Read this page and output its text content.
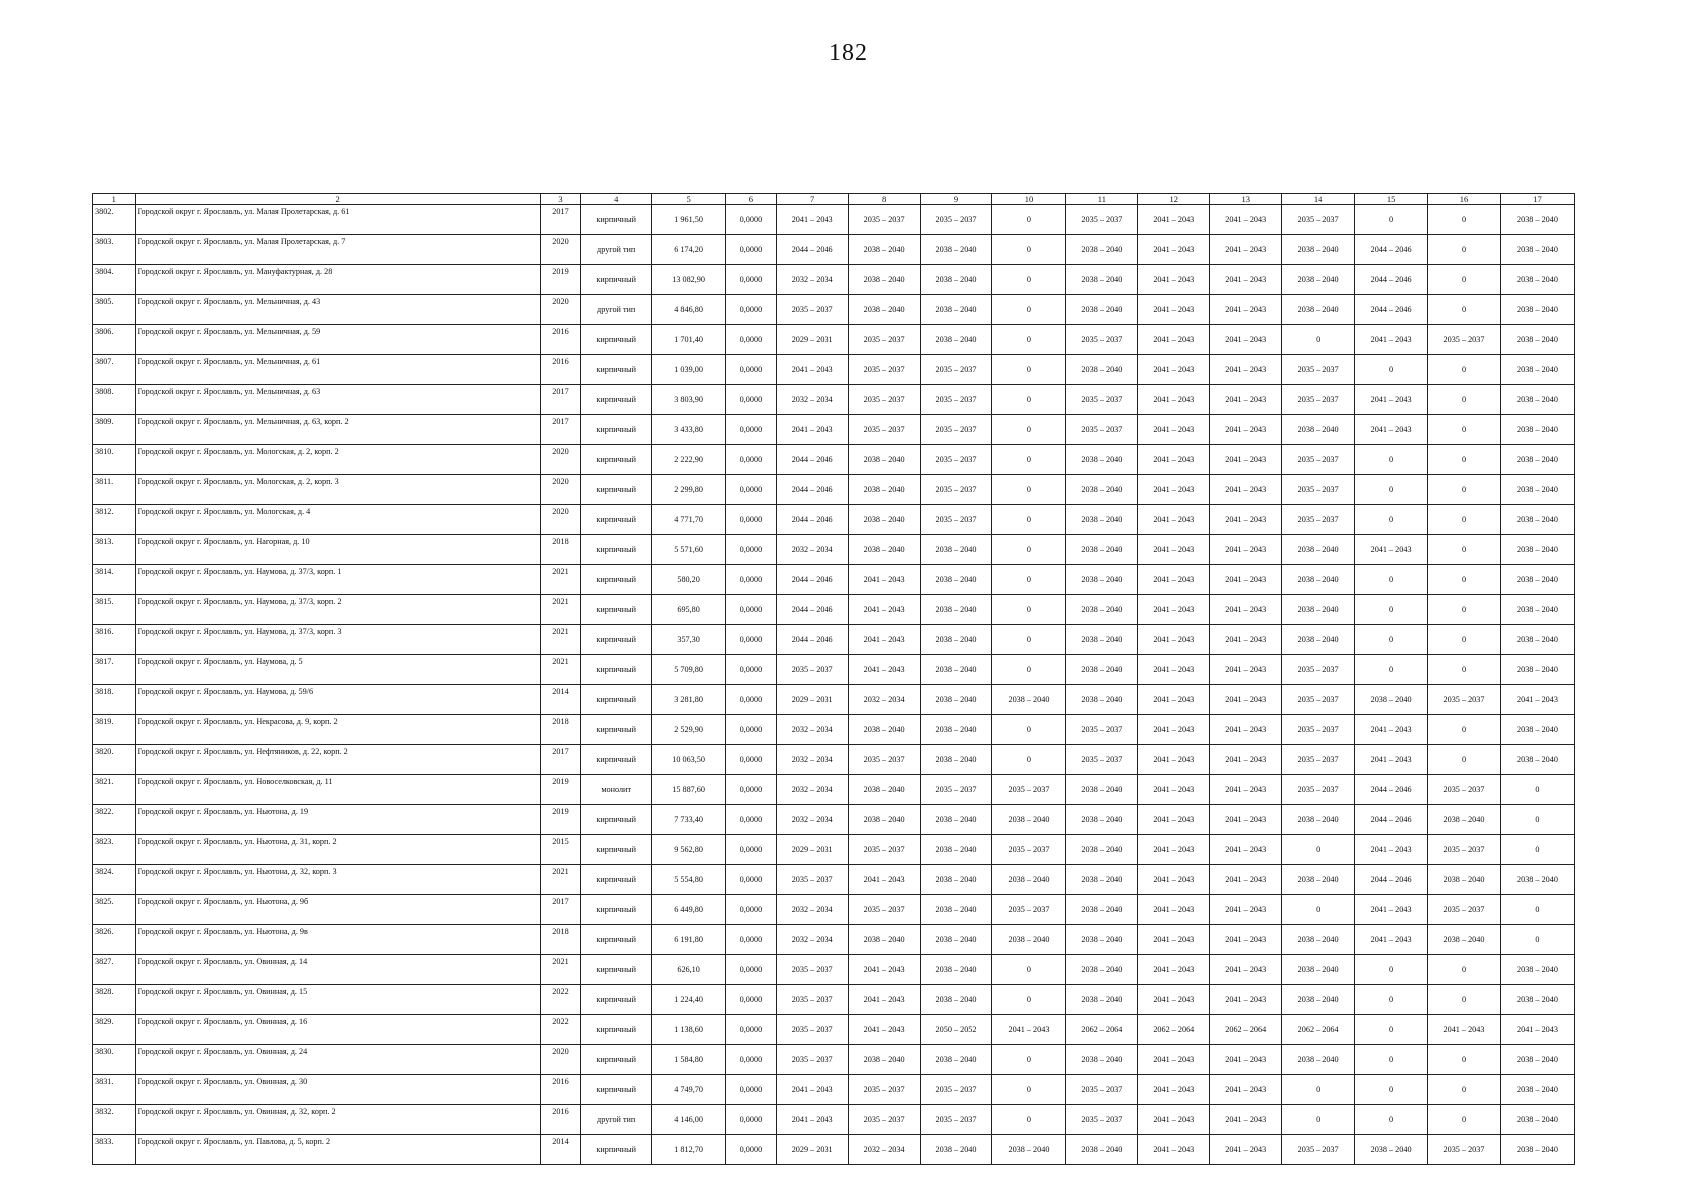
182
1	2	3	4	5	6	7	8	9	10	11	12	13	14	15	16	17
3802.	Городской округ г. Ярославль, ул. Малая Пролетарская, д. 61	2017	кирпичный	1 961,50	0,0000	2041 – 2043	2035 – 2037	2035 – 2037	0	2035 – 2037	2041 – 2043	2041 – 2043	2035 – 2037	0	0	2038 – 2040
3803.	Городской округ г. Ярославль, ул. Малая Пролетарская, д. 7	2020	другой тип	6 174,20	0,0000	2044 – 2046	2038 – 2040	2038 – 2040	0	2038 – 2040	2041 – 2043	2041 – 2043	2038 – 2040	2044 – 2046	0	2038 – 2040
3804.	Городской округ г. Ярославль, ул. Мануфактурная, д. 28	2019	кирпичный	13 082,90	0,0000	2032 – 2034	2038 – 2040	2038 – 2040	0	2038 – 2040	2041 – 2043	2041 – 2043	2038 – 2040	2044 – 2046	0	2038 – 2040
3805.	Городской округ г. Ярославль, ул. Мельничная, д. 43	2020	другой тип	4 846,80	0,0000	2035 – 2037	2038 – 2040	2038 – 2040	0	2038 – 2040	2041 – 2043	2041 – 2043	2038 – 2040	2044 – 2046	0	2038 – 2040
3806.	Городской округ г. Ярославль, ул. Мельничная, д. 59	2016	кирпичный	1 701,40	0,0000	2029 – 2031	2035 – 2037	2038 – 2040	0	2035 – 2037	2041 – 2043	2041 – 2043	0	2041 – 2043	2035 – 2037	2038 – 2040
3807.	Городской округ г. Ярославль, ул. Мельничная, д. 61	2016	кирпичный	1 039,00	0,0000	2041 – 2043	2035 – 2037	2035 – 2037	0	2038 – 2040	2041 – 2043	2041 – 2043	2035 – 2037	0	0	2038 – 2040
3808.	Городской округ г. Ярославль, ул. Мельничная, д. 63	2017	кирпичный	3 803,90	0,0000	2032 – 2034	2035 – 2037	2035 – 2037	0	2035 – 2037	2041 – 2043	2041 – 2043	2035 – 2037	2041 – 2043	0	2038 – 2040
3809.	Городской округ г. Ярославль, ул. Мельничная, д. 63, корп. 2	2017	кирпичный	3 433,80	0,0000	2041 – 2043	2035 – 2037	2035 – 2037	0	2035 – 2037	2041 – 2043	2041 – 2043	2038 – 2040	2041 – 2043	0	2038 – 2040
3810.	Городской округ г. Ярославль, ул. Мологская, д. 2, корп. 2	2020	кирпичный	2 222,90	0,0000	2044 – 2046	2038 – 2040	2035 – 2037	0	2038 – 2040	2041 – 2043	2041 – 2043	2035 – 2037	0	0	2038 – 2040
3811.	Городской округ г. Ярославль, ул. Мологская, д. 2, корп. 3	2020	кирпичный	2 299,80	0,0000	2044 – 2046	2038 – 2040	2035 – 2037	0	2038 – 2040	2041 – 2043	2041 – 2043	2035 – 2037	0	0	2038 – 2040
3812.	Городской округ г. Ярославль, ул. Мологская, д. 4	2020	кирпичный	4 771,70	0,0000	2044 – 2046	2038 – 2040	2035 – 2037	0	2038 – 2040	2041 – 2043	2041 – 2043	2035 – 2037	0	0	2038 – 2040
3813.	Городской округ г. Ярославль, ул. Нагорная, д. 10	2018	кирпичный	5 571,60	0,0000	2032 – 2034	2038 – 2040	2038 – 2040	0	2038 – 2040	2041 – 2043	2041 – 2043	2038 – 2040	2041 – 2043	0	2038 – 2040
3814.	Городской округ г. Ярославль, ул. Наумова, д. 37/3, корп. 1	2021	кирпичный	580,20	0,0000	2044 – 2046	2041 – 2043	2038 – 2040	0	2038 – 2040	2041 – 2043	2041 – 2043	2038 – 2040	0	0	2038 – 2040
3815.	Городской округ г. Ярославль, ул. Наумова, д. 37/3, корп. 2	2021	кирпичный	695,80	0,0000	2044 – 2046	2041 – 2043	2038 – 2040	0	2038 – 2040	2041 – 2043	2041 – 2043	2038 – 2040	0	0	2038 – 2040
3816.	Городской округ г. Ярославль, ул. Наумова, д. 37/3, корп. 3	2021	кирпичный	357,30	0,0000	2044 – 2046	2041 – 2043	2038 – 2040	0	2038 – 2040	2041 – 2043	2041 – 2043	2038 – 2040	0	0	2038 – 2040
3817.	Городской округ г. Ярославль, ул. Наумова, д. 5	2021	кирпичный	5 709,80	0,0000	2035 – 2037	2041 – 2043	2038 – 2040	0	2038 – 2040	2041 – 2043	2041 – 2043	2035 – 2037	0	0	2038 – 2040
3818.	Городской округ г. Ярославль, ул. Наумова, д. 59/6	2014	кирпичный	3 281,80	0,0000	2029 – 2031	2032 – 2034	2038 – 2040	2038 – 2040	2038 – 2040	2041 – 2043	2041 – 2043	2035 – 2037	2038 – 2040	2035 – 2037	2041 – 2043
3819.	Городской округ г. Ярославль, ул. Некрасова, д. 9, корп. 2	2018	кирпичный	2 529,90	0,0000	2032 – 2034	2038 – 2040	2038 – 2040	0	2035 – 2037	2041 – 2043	2041 – 2043	2035 – 2037	2041 – 2043	0	2038 – 2040
3820.	Городской округ г. Ярославль, ул. Нефтяников, д. 22, корп. 2	2017	кирпичный	10 063,50	0,0000	2032 – 2034	2035 – 2037	2038 – 2040	0	2035 – 2037	2041 – 2043	2041 – 2043	2035 – 2037	2041 – 2043	0	2038 – 2040
3821.	Городской округ г. Ярославль, ул. Новоселковская, д. 11	2019	монолит	15 887,60	0,0000	2032 – 2034	2038 – 2040	2035 – 2037	2035 – 2037	2038 – 2040	2041 – 2043	2041 – 2043	2035 – 2037	2044 – 2046	2035 – 2037	0
3822.	Городской округ г. Ярославль, ул. Ньютона, д. 19	2019	кирпичный	7 733,40	0,0000	2032 – 2034	2038 – 2040	2038 – 2040	2038 – 2040	2038 – 2040	2041 – 2043	2041 – 2043	2038 – 2040	2044 – 2046	2038 – 2040	0
3823.	Городской округ г. Ярославль, ул. Ньютона, д. 31, корп. 2	2015	кирпичный	9 562,80	0,0000	2029 – 2031	2035 – 2037	2038 – 2040	2035 – 2037	2038 – 2040	2041 – 2043	2041 – 2043	0	2041 – 2043	2035 – 2037	0
3824.	Городской округ г. Ярославль, ул. Ньютона, д. 32, корп. 3	2021	кирпичный	5 554,80	0,0000	2035 – 2037	2041 – 2043	2038 – 2040	2038 – 2040	2038 – 2040	2041 – 2043	2041 – 2043	2038 – 2040	2044 – 2046	2038 – 2040	2038 – 2040
3825.	Городской округ г. Ярославль, ул. Ньютона, д. 9б	2017	кирпичный	6 449,80	0,0000	2032 – 2034	2035 – 2037	2038 – 2040	2035 – 2037	2038 – 2040	2041 – 2043	2041 – 2043	0	2041 – 2043	2035 – 2037	0
3826.	Городской округ г. Ярославль, ул. Ньютона, д. 9в	2018	кирпичный	6 191,80	0,0000	2032 – 2034	2038 – 2040	2038 – 2040	2038 – 2040	2038 – 2040	2041 – 2043	2041 – 2043	2038 – 2040	2041 – 2043	2038 – 2040	0
3827.	Городской округ г. Ярославль, ул. Овинная, д. 14	2021	кирпичный	626,10	0,0000	2035 – 2037	2041 – 2043	2038 – 2040	0	2038 – 2040	2041 – 2043	2041 – 2043	2038 – 2040	0	0	2038 – 2040
3828.	Городской округ г. Ярославль, ул. Овинная, д. 15	2022	кирпичный	1 224,40	0,0000	2035 – 2037	2041 – 2043	2038 – 2040	0	2038 – 2040	2041 – 2043	2041 – 2043	2038 – 2040	0	0	2038 – 2040
3829.	Городской округ г. Ярославль, ул. Овинная, д. 16	2022	кирпичный	1 138,60	0,0000	2035 – 2037	2041 – 2043	2050 – 2052	2041 – 2043	2062 – 2064	2062 – 2064	2062 – 2064	2062 – 2064	0	2041 – 2043	2041 – 2043
3830.	Городской округ г. Ярославль, ул. Овинная, д. 24	2020	кирпичный	1 584,80	0,0000	2035 – 2037	2038 – 2040	2038 – 2040	0	2038 – 2040	2041 – 2043	2041 – 2043	2038 – 2040	0	0	2038 – 2040
3831.	Городской округ г. Ярославль, ул. Овинная, д. 30	2016	кирпичный	4 749,70	0,0000	2041 – 2043	2035 – 2037	2035 – 2037	0	2035 – 2037	2041 – 2043	2041 – 2043	0	0	0	2038 – 2040
3832.	Городской округ г. Ярославль, ул. Овинная, д. 32, корп. 2	2016	другой тип	4 146,00	0,0000	2041 – 2043	2035 – 2037	2035 – 2037	0	2035 – 2037	2041 – 2043	2041 – 2043	0	0	0	2038 – 2040
3833.	Городской округ г. Ярославль, ул. Павлова, д. 5, корп. 2	2014	кирпичный	1 812,70	0,0000	2029 – 2031	2032 – 2034	2038 – 2040	2038 – 2040	2038 – 2040	2041 – 2043	2041 – 2043	2035 – 2037	2038 – 2040	2035 – 2037	2038 – 2040
